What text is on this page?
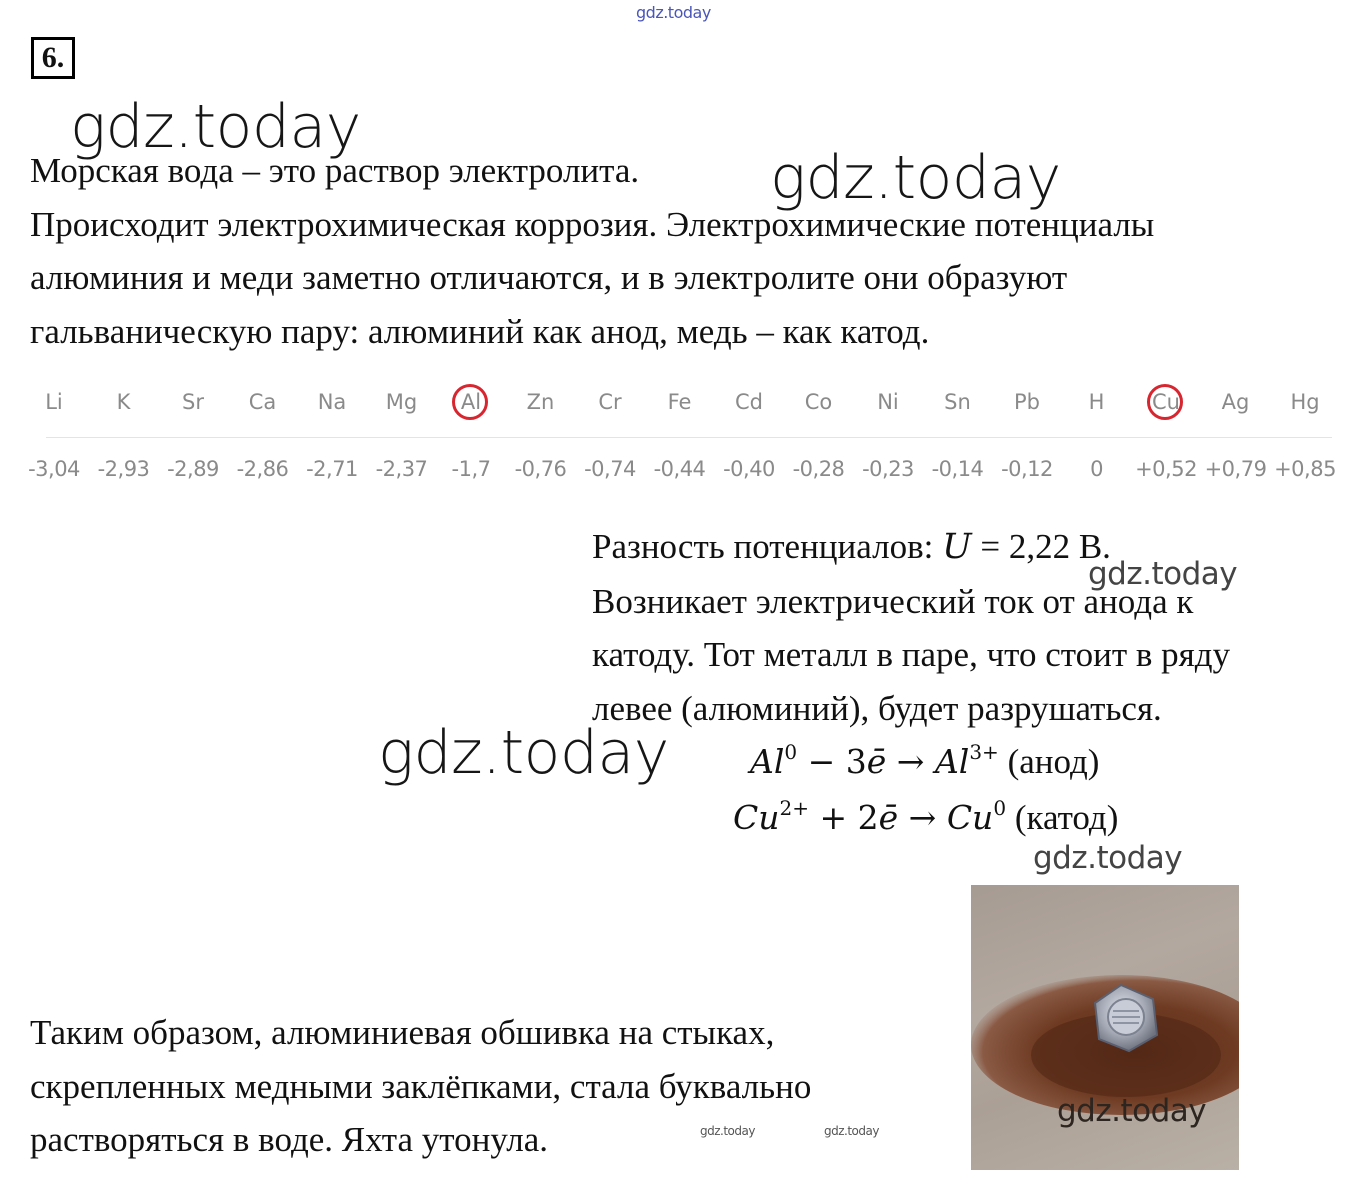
gdz.today
gdz.today
gdz.today
gdz.today
gdz.today
gdz.today
gdz.today	gdz.today
6.
Морская вода – это раствор электролита.
Происходит электрохимическая коррозия. Электрохимические потенциалы
алюминия и меди заметно отличаются, и в электролите они образуют
гальваническую пару: алюминий как анод, медь – как катод.
Li
-3,04
K
-2,93
Sr
-2,89
Ca
-2,86
Na
-2,71
Mg
-2,37
Al
-1,7
Zn
-0,76
Cr
-0,74
Fe
-0,44
Cd
-0,40
Co
-0,28
Ni
-0,23
Sn
-0,14
Pb
-0,12
H
0
Cu
+0,52
Ag
+0,79
Hg
+0,85
Разность потенциалов: U = 2,22 В.
Возникает электрический ток от анода к
катоду. Тот металл в паре, что стоит в ряду
левее (алюминий), будет разрушаться.
$Al^0$ − 3ē → $Al^{3+}$ (анод)
$Cu^{2+}$ + 2ē → $Cu^0$ (катод)
Таким образом, алюминиевая обшивка на стыках,
скрепленных медными заклёпками, стала буквально
растворяться в воде. Яхта утонула.
gdz.today
